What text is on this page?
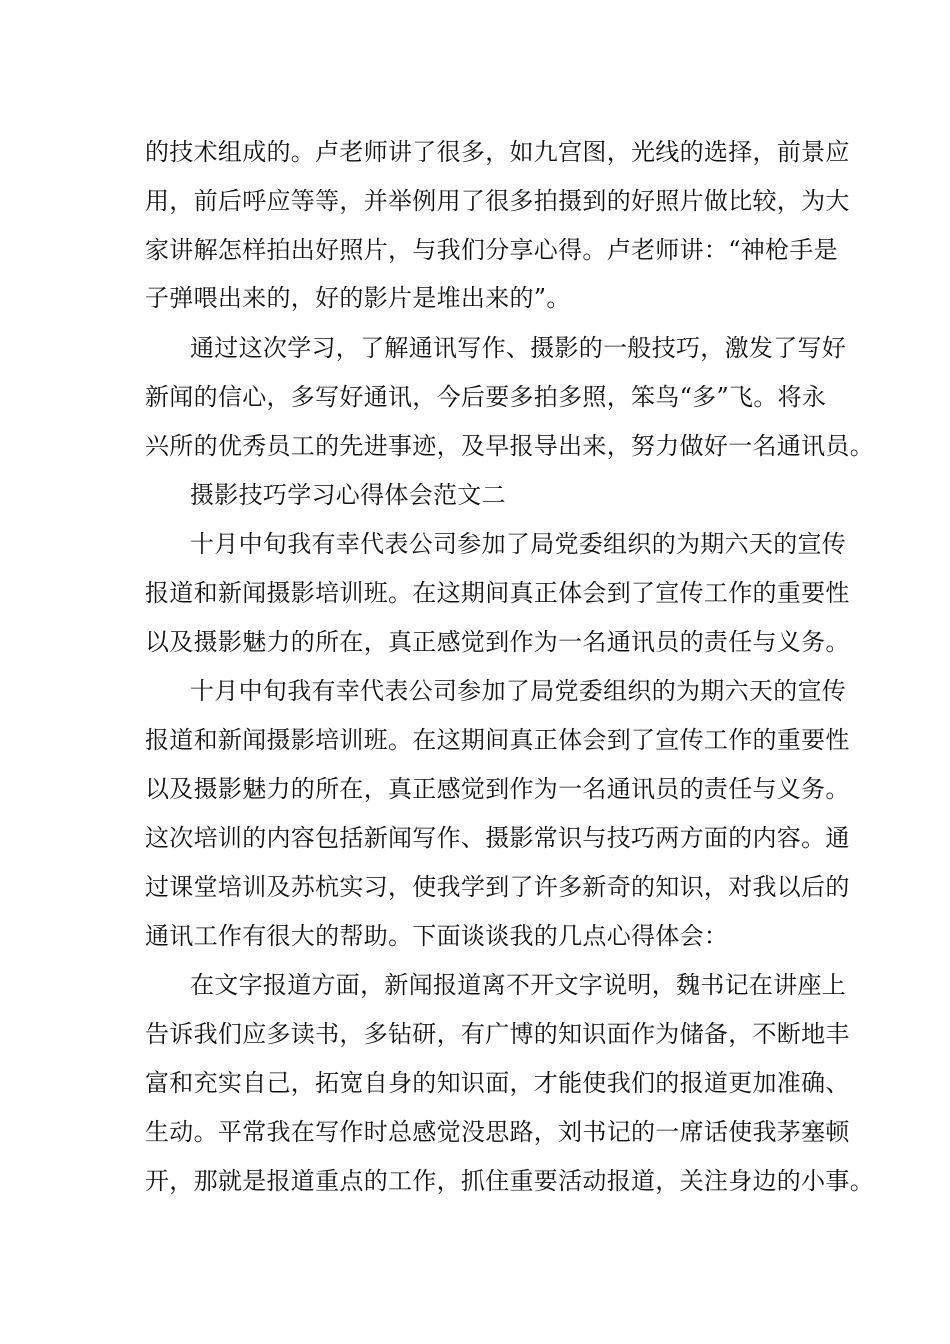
的技术组成的。卢老师讲了很多，如九宫图，光线的选择，前景应
用，前后呼应等等，并举例用了很多拍摄到的好照片做比较，为大
家讲解怎样拍出好照片，与我们分享心得。卢老师讲：“神枪手是
子弹喂出来的，好的影片是堆出来的”。
通过这次学习，了解通讯写作、摄影的一般技巧，激发了写好
新闻的信心，多写好通讯，今后要多拍多照，笨鸟“多”飞。将永
兴所的优秀员工的先进事迹，及早报导出来，努力做好一名通讯员。
摄影技巧学习心得体会范文二
十月中旬我有幸代表公司参加了局党委组织的为期六天的宣传
报道和新闻摄影培训班。在这期间真正体会到了宣传工作的重要性
以及摄影魅力的所在，真正感觉到作为一名通讯员的责任与义务。
十月中旬我有幸代表公司参加了局党委组织的为期六天的宣传
报道和新闻摄影培训班。在这期间真正体会到了宣传工作的重要性
以及摄影魅力的所在，真正感觉到作为一名通讯员的责任与义务。
这次培训的内容包括新闻写作、摄影常识与技巧两方面的内容。通
过课堂培训及苏杭实习，使我学到了许多新奇的知识，对我以后的
通讯工作有很大的帮助。下面谈谈我的几点心得体会：
在文字报道方面，新闻报道离不开文字说明，魏书记在讲座上
告诉我们应多读书，多钻研，有广博的知识面作为储备，不断地丰
富和充实自己，拓宽自身的知识面，才能使我们的报道更加准确、
生动。平常我在写作时总感觉没思路，刘书记的一席话使我茅塞顿
开，那就是报道重点的工作，抓住重要活动报道，关注身边的小事。
